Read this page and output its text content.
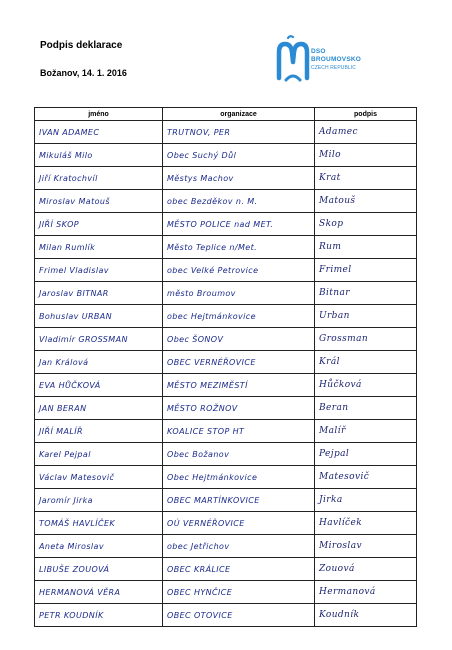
Podpis deklarace
Božanov, 14. 1. 2016
DSO
BROUMOVSKO
CZECH REPUBLIC
jméno	organizace	podpis
IVAN ADAMEC	TRUTNOV, PER	Adamec
Mikuláš Milo	Obec Suchý Důl	Milo
Jiří Kratochvíl	Městys Machov	Krat
Miroslav Matouš	obec Bezděkov n. M.	Matouš
JIŘÍ SKOP	MĚSTO POLICE nad MET.	Skop
Milan Rumlík	Město Teplice n/Met.	Rum
Frimel Vladislav	obec Velké Petrovice	Frimel
Jaroslav BITNAR	město Broumov	Bitnar
Bohuslav URBAN	obec Hejtmánkovice	Urban
Vladimír GROSSMAN	Obec ŠONOV	Grossman
Jan Králová	OBEC VERNÉŘOVICE	Král
EVA HŮČKOVÁ	MĚSTO MEZIMĚSTÍ	Hůčková
JAN BERAN	MĚSTO ROŽNOV	Beran
JIŘÍ MALÍŘ	KOALICE STOP HT	Malíř
Karel Pejpal	Obec Božanov	Pejpal
Václav Matesovič	Obec Hejtmánkovice	Matesovič
Jaromír Jirka	OBEC MARTÍNKOVICE	Jirka
TOMÁŠ HAVLÍČEK	OÚ VERNÉŘOVICE	Havlíček
Aneta Miroslav	obec Jetřichov	Miroslav
LIBUŠE ZOUOVÁ	OBEC KRÁLICE	Zouová
HERMANOVÁ VĚRA	OBEC HYNČICE	Hermanová
PETR KOUDNÍK	OBEC OTOVICE	Koudník
